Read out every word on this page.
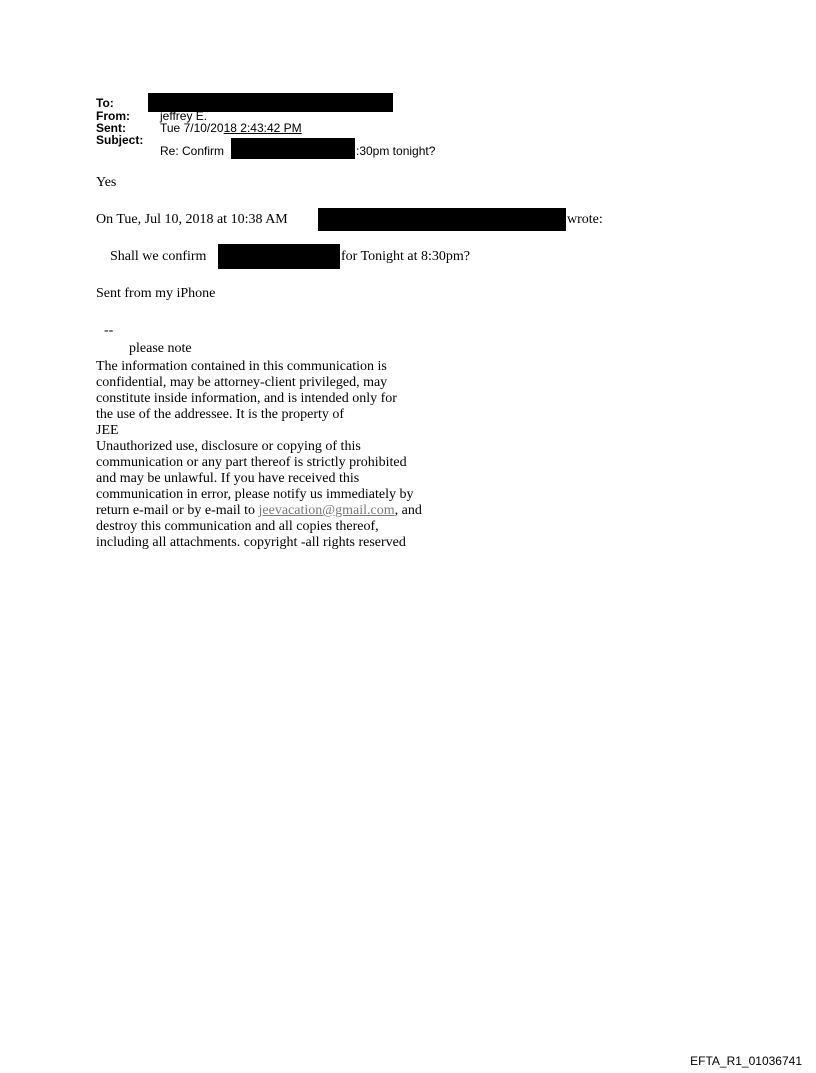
To:
From:	jeffrey E.
Sent:	Tue 7/10/2018 2:43:42 PM
Subject:
Re: Confirm	:30pm tonight?
Yes
On Tue, Jul 10, 2018 at 10:38 AM	wrote:
Shall we confirm	for Tonight at 8:30pm?
Sent from my iPhone
--
please note
The information contained in this communication is
confidential, may be attorney-client privileged, may
constitute inside information, and is intended only for
the use of the addressee. It is the property of
JEE
Unauthorized use, disclosure or copying of this
communication or any part thereof is strictly prohibited
and may be unlawful. If you have received this
communication in error, please notify us immediately by
return e-mail or by e-mail to jeevacation@gmail.com, and
destroy this communication and all copies thereof,
including all attachments. copyright -all rights reserved
EFTA_R1_01036741
